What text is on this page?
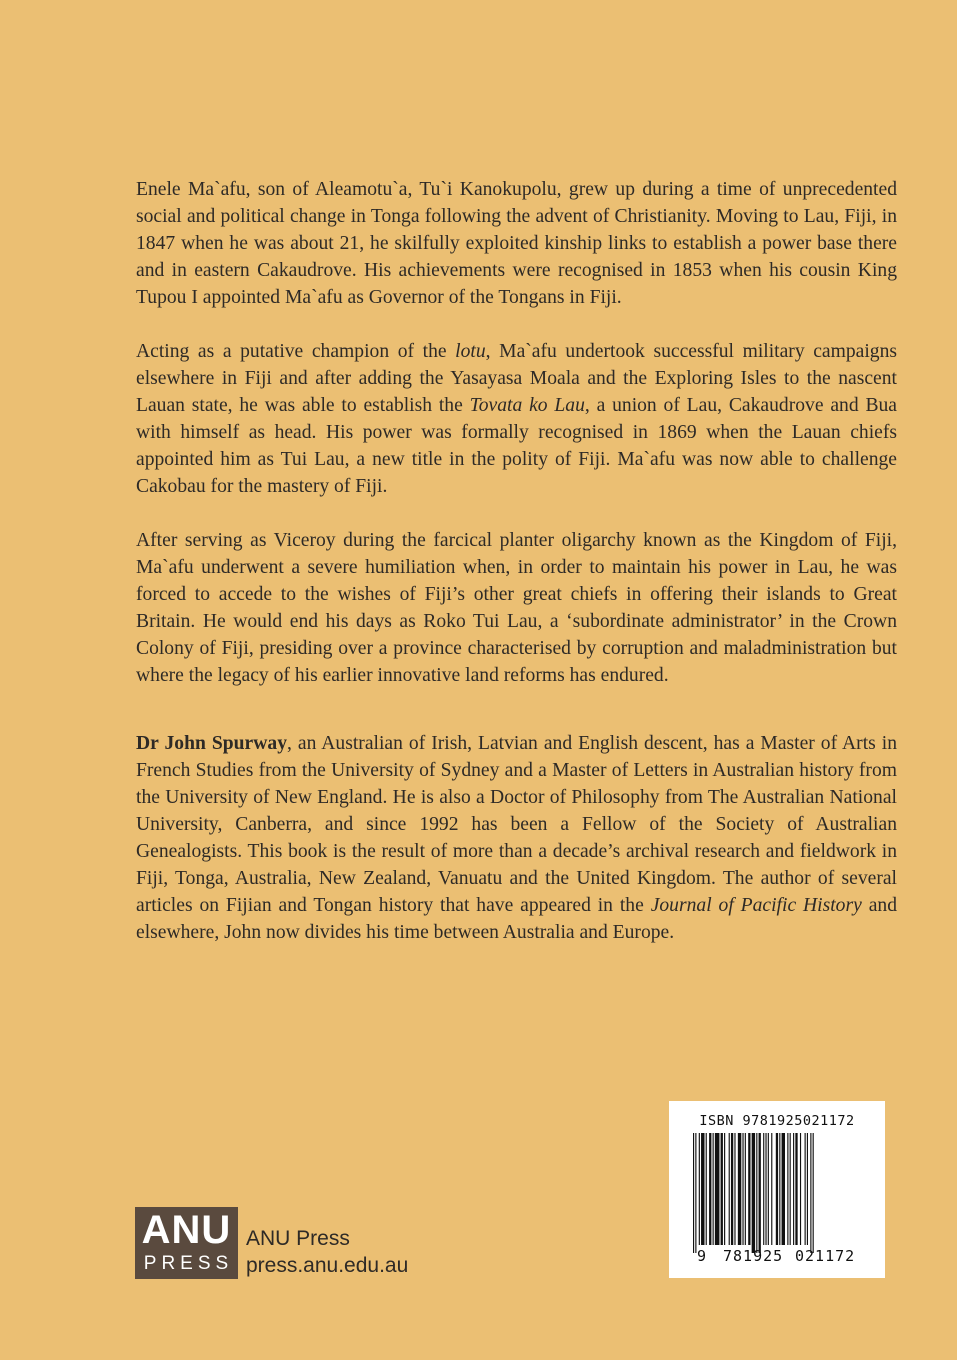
Enele Ma`afu, son of Aleamotu`a, Tu`i Kanokupolu, grew up during a time of unprecedented social and political change in Tonga following the advent of Christianity. Moving to Lau, Fiji, in 1847 when he was about 21, he skilfully exploited kinship links to establish a power base there and in eastern Cakaudrove. His achievements were recognised in 1853 when his cousin King Tupou I appointed Ma`afu as Governor of the Tongans in Fiji.

Acting as a putative champion of the lotu, Ma`afu undertook successful military campaigns elsewhere in Fiji and after adding the Yasayasa Moala and the Exploring Isles to the nascent Lauan state, he was able to establish the Tovata ko Lau, a union of Lau, Cakaudrove and Bua with himself as head. His power was formally recognised in 1869 when the Lauan chiefs appointed him as Tui Lau, a new title in the polity of Fiji. Ma`afu was now able to challenge Cakobau for the mastery of Fiji.

After serving as Viceroy during the farcical planter oligarchy known as the Kingdom of Fiji, Ma`afu underwent a severe humiliation when, in order to maintain his power in Lau, he was forced to accede to the wishes of Fiji’s other great chiefs in offering their islands to Great Britain. He would end his days as Roko Tui Lau, a ‘subordinate administrator’ in the Crown Colony of Fiji, presiding over a province characterised by corruption and maladministration but where the legacy of his earlier innovative land reforms has endured.

Dr John Spurway, an Australian of Irish, Latvian and English descent, has a Master of Arts in French Studies from the University of Sydney and a Master of Letters in Australian history from the University of New England. He is also a Doctor of Philosophy from The Australian National University, Canberra, and since 1992 has been a Fellow of the Society of Australian Genealogists. This book is the result of more than a decade’s archival research and fieldwork in Fiji, Tonga, Australia, New Zealand, Vanuatu and the United Kingdom. The author of several articles on Fijian and Tongan history that have appeared in the Journal of Pacific History and elsewhere, John now divides his time between Australia and Europe.

ANU
PRESS
ANU Press
press.anu.edu.au
ISBN 9781925021172
9 781925 021172
